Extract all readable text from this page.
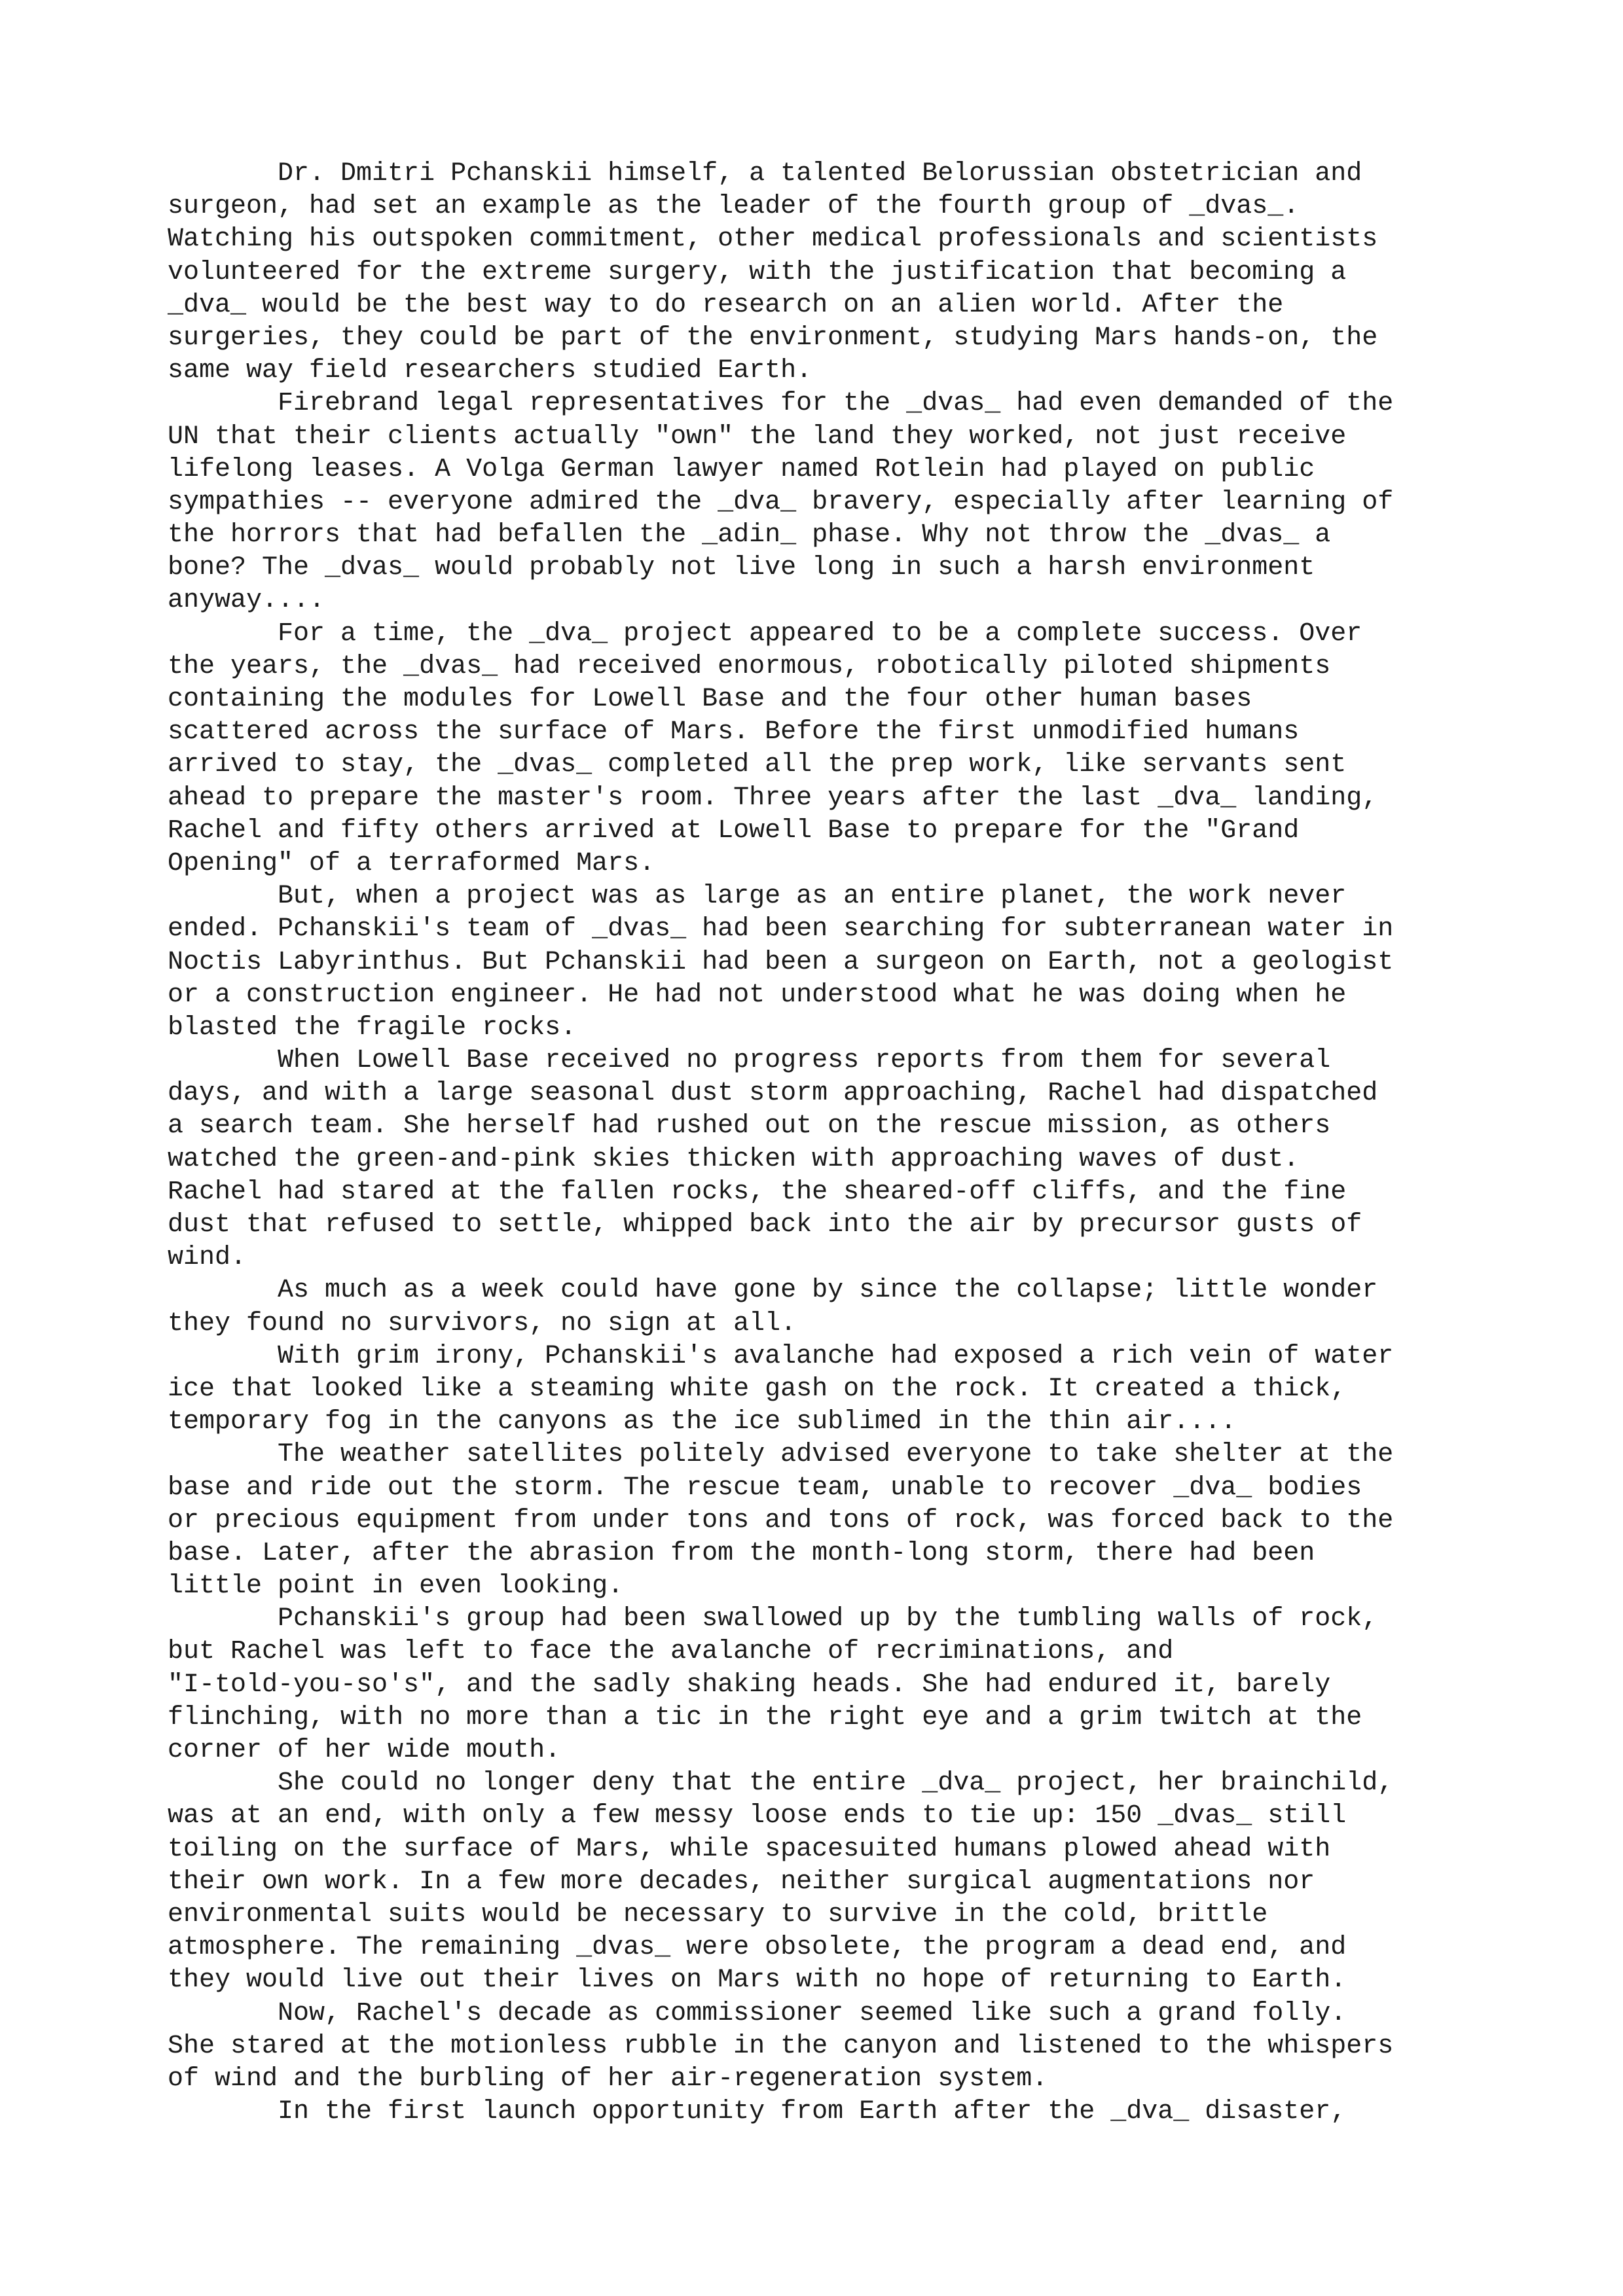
Dr. Dmitri Pchanskii himself, a talented Belorussian obstetrician and
surgeon, had set an example as the leader of the fourth group of _dvas_.
Watching his outspoken commitment, other medical professionals and scientists
volunteered for the extreme surgery, with the justification that becoming a
_dva_ would be the best way to do research on an alien world. After the
surgeries, they could be part of the environment, studying Mars hands-on, the
same way field researchers studied Earth.
Firebrand legal representatives for the _dvas_ had even demanded of the
UN that their clients actually "own" the land they worked, not just receive
lifelong leases. A Volga German lawyer named Rotlein had played on public
sympathies -- everyone admired the _dva_ bravery, especially after learning of
the horrors that had befallen the _adin_ phase. Why not throw the _dvas_ a
bone? The _dvas_ would probably not live long in such a harsh environment
anyway....
For a time, the _dva_ project appeared to be a complete success. Over
the years, the _dvas_ had received enormous, robotically piloted shipments
containing the modules for Lowell Base and the four other human bases
scattered across the surface of Mars. Before the first unmodified humans
arrived to stay, the _dvas_ completed all the prep work, like servants sent
ahead to prepare the master's room. Three years after the last _dva_ landing,
Rachel and fifty others arrived at Lowell Base to prepare for the "Grand
Opening" of a terraformed Mars.
But, when a project was as large as an entire planet, the work never
ended. Pchanskii's team of _dvas_ had been searching for subterranean water in
Noctis Labyrinthus. But Pchanskii had been a surgeon on Earth, not a geologist
or a construction engineer. He had not understood what he was doing when he
blasted the fragile rocks.
When Lowell Base received no progress reports from them for several
days, and with a large seasonal dust storm approaching, Rachel had dispatched
a search team. She herself had rushed out on the rescue mission, as others
watched the green-and-pink skies thicken with approaching waves of dust.
Rachel had stared at the fallen rocks, the sheared-off cliffs, and the fine
dust that refused to settle, whipped back into the air by precursor gusts of
wind.
As much as a week could have gone by since the collapse; little wonder
they found no survivors, no sign at all.
With grim irony, Pchanskii's avalanche had exposed a rich vein of water
ice that looked like a steaming white gash on the rock. It created a thick,
temporary fog in the canyons as the ice sublimed in the thin air....
The weather satellites politely advised everyone to take shelter at the
base and ride out the storm. The rescue team, unable to recover _dva_ bodies
or precious equipment from under tons and tons of rock, was forced back to the
base. Later, after the abrasion from the month-long storm, there had been
little point in even looking.
Pchanskii's group had been swallowed up by the tumbling walls of rock,
but Rachel was left to face the avalanche of recriminations, and
"I-told-you-so's", and the sadly shaking heads. She had endured it, barely
flinching, with no more than a tic in the right eye and a grim twitch at the
corner of her wide mouth.
She could no longer deny that the entire _dva_ project, her brainchild,
was at an end, with only a few messy loose ends to tie up: 150 _dvas_ still
toiling on the surface of Mars, while spacesuited humans plowed ahead with
their own work. In a few more decades, neither surgical augmentations nor
environmental suits would be necessary to survive in the cold, brittle
atmosphere. The remaining _dvas_ were obsolete, the program a dead end, and
they would live out their lives on Mars with no hope of returning to Earth.
Now, Rachel's decade as commissioner seemed like such a grand folly.
She stared at the motionless rubble in the canyon and listened to the whispers
of wind and the burbling of her air-regeneration system.
In the first launch opportunity from Earth after the _dva_ disaster,
